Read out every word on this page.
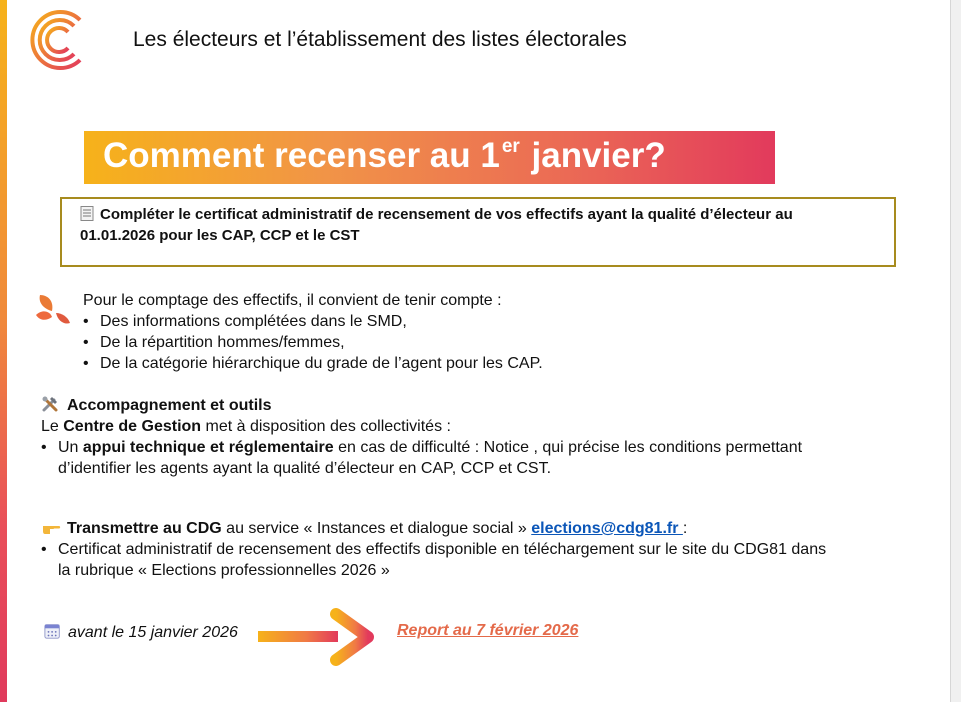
Les électeurs et l’établissement des listes électorales
Comment recenser au 1 $^{er}$ janvier?
Compléter le certificat administratif de recensement de vos effectifs ayant la qualité d’électeur au
01.01.2026 pour les CAP, CCP et le CST
Pour le comptage des effectifs, il convient de tenir compte :
• Des informations complétées dans le SMD,
• De la répartition hommes/femmes,
• De la catégorie hiérarchique du grade de l’agent pour les CAP.
Accompagnement et outils
Le Centre de Gestion met à disposition des collectivités :
• Un appui technique et réglementaire en cas de difficulté : Notice , qui précise les conditions permettant
d’identifier les agents ayant la qualité d’électeur en CAP, CCP et CST.
Transmettre au CDG au service « Instances et dialogue social » elections@cdg81.fr :
• Certificat administratif de recensement des effectifs disponible en téléchargement sur le site du CDG81 dans
la rubrique « Elections professionnelles 2026 »
avant le 15 janvier 2026	Report au 7 février 2026
